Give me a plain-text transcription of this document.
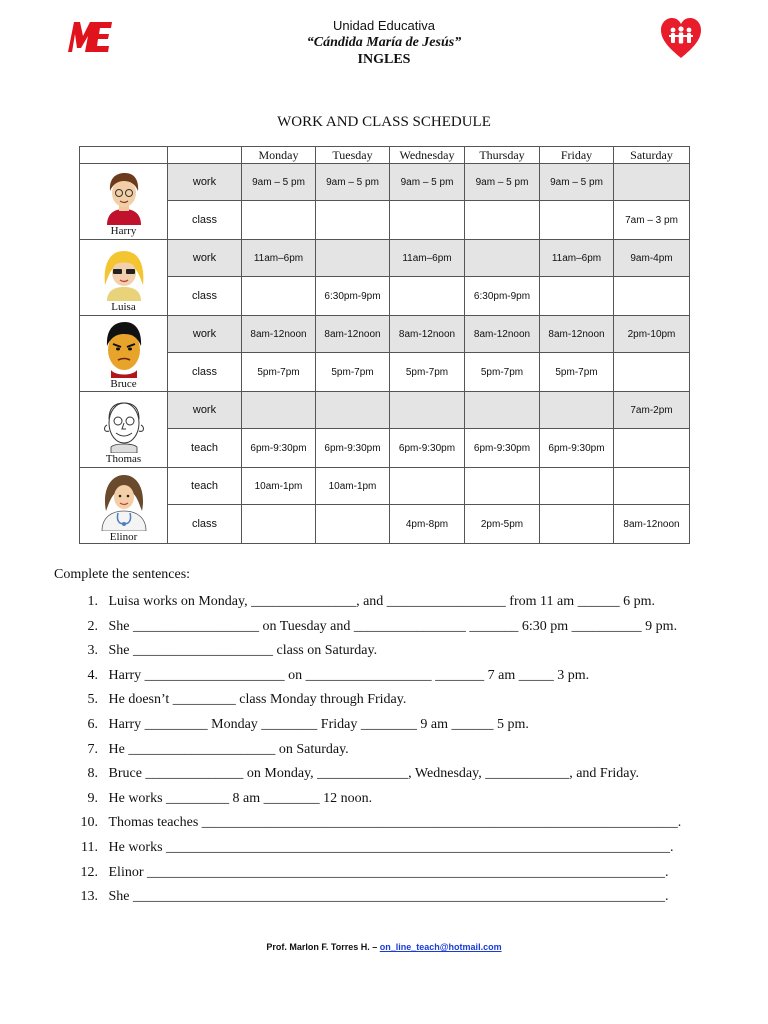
Unidad Educativa
“Cándida María de Jesús”
INGLES
WORK AND CLASS SCHEDULE
		Monday	Tuesday	Wednesday	Thursday	Friday	Saturday

Harry	work	9am – 5 pm	9am – 5 pm	9am – 5 pm	9am – 5 pm	9am – 5 pm	
	class						7am – 3 pm

Luisa	work	11am–6pm		11am–6pm		11am–6pm	9am-4pm
	class		6:30pm-9pm		6:30pm-9pm		

Bruce	work	8am-12noon	8am-12noon	8am-12noon	8am-12noon	8am-12noon	2pm-10pm
	class	5pm-7pm	5pm-7pm	5pm-7pm	5pm-7pm	5pm-7pm	

Thomas	work						7am-2pm
	teach	6pm-9:30pm	6pm-9:30pm	6pm-9:30pm	6pm-9:30pm	6pm-9:30pm	

Elinor	teach	10am-1pm	10am-1pm				
	class			4pm-8pm	2pm-5pm		8am-12noon
Complete the sentences:
1. Luisa works on Monday, _______________, and _________________ from 11 am ______ 6 pm.
2. She __________________ on Tuesday and ________________ _______ 6:30 pm __________ 9 pm.
3. She ____________________ class on Saturday.
4. Harry ____________________ on __________________ _______ 7 am _____ 3 pm.
5. He doesn’t _________ class Monday through Friday.
6. Harry _________ Monday ________ Friday ________ 9 am ______ 5 pm.
7. He _____________________ on Saturday.
8. Bruce ______________ on Monday, _____________, Wednesday, ____________, and Friday.
9. He works _________ 8 am ________ 12 noon.
10. Thomas teaches ____________________________________________________________________.
11. He works ________________________________________________________________________.
12. Elinor __________________________________________________________________________.
13. She ____________________________________________________________________________.
Prof. Marlon F. Torres H. – on_line_teach@hotmail.com
